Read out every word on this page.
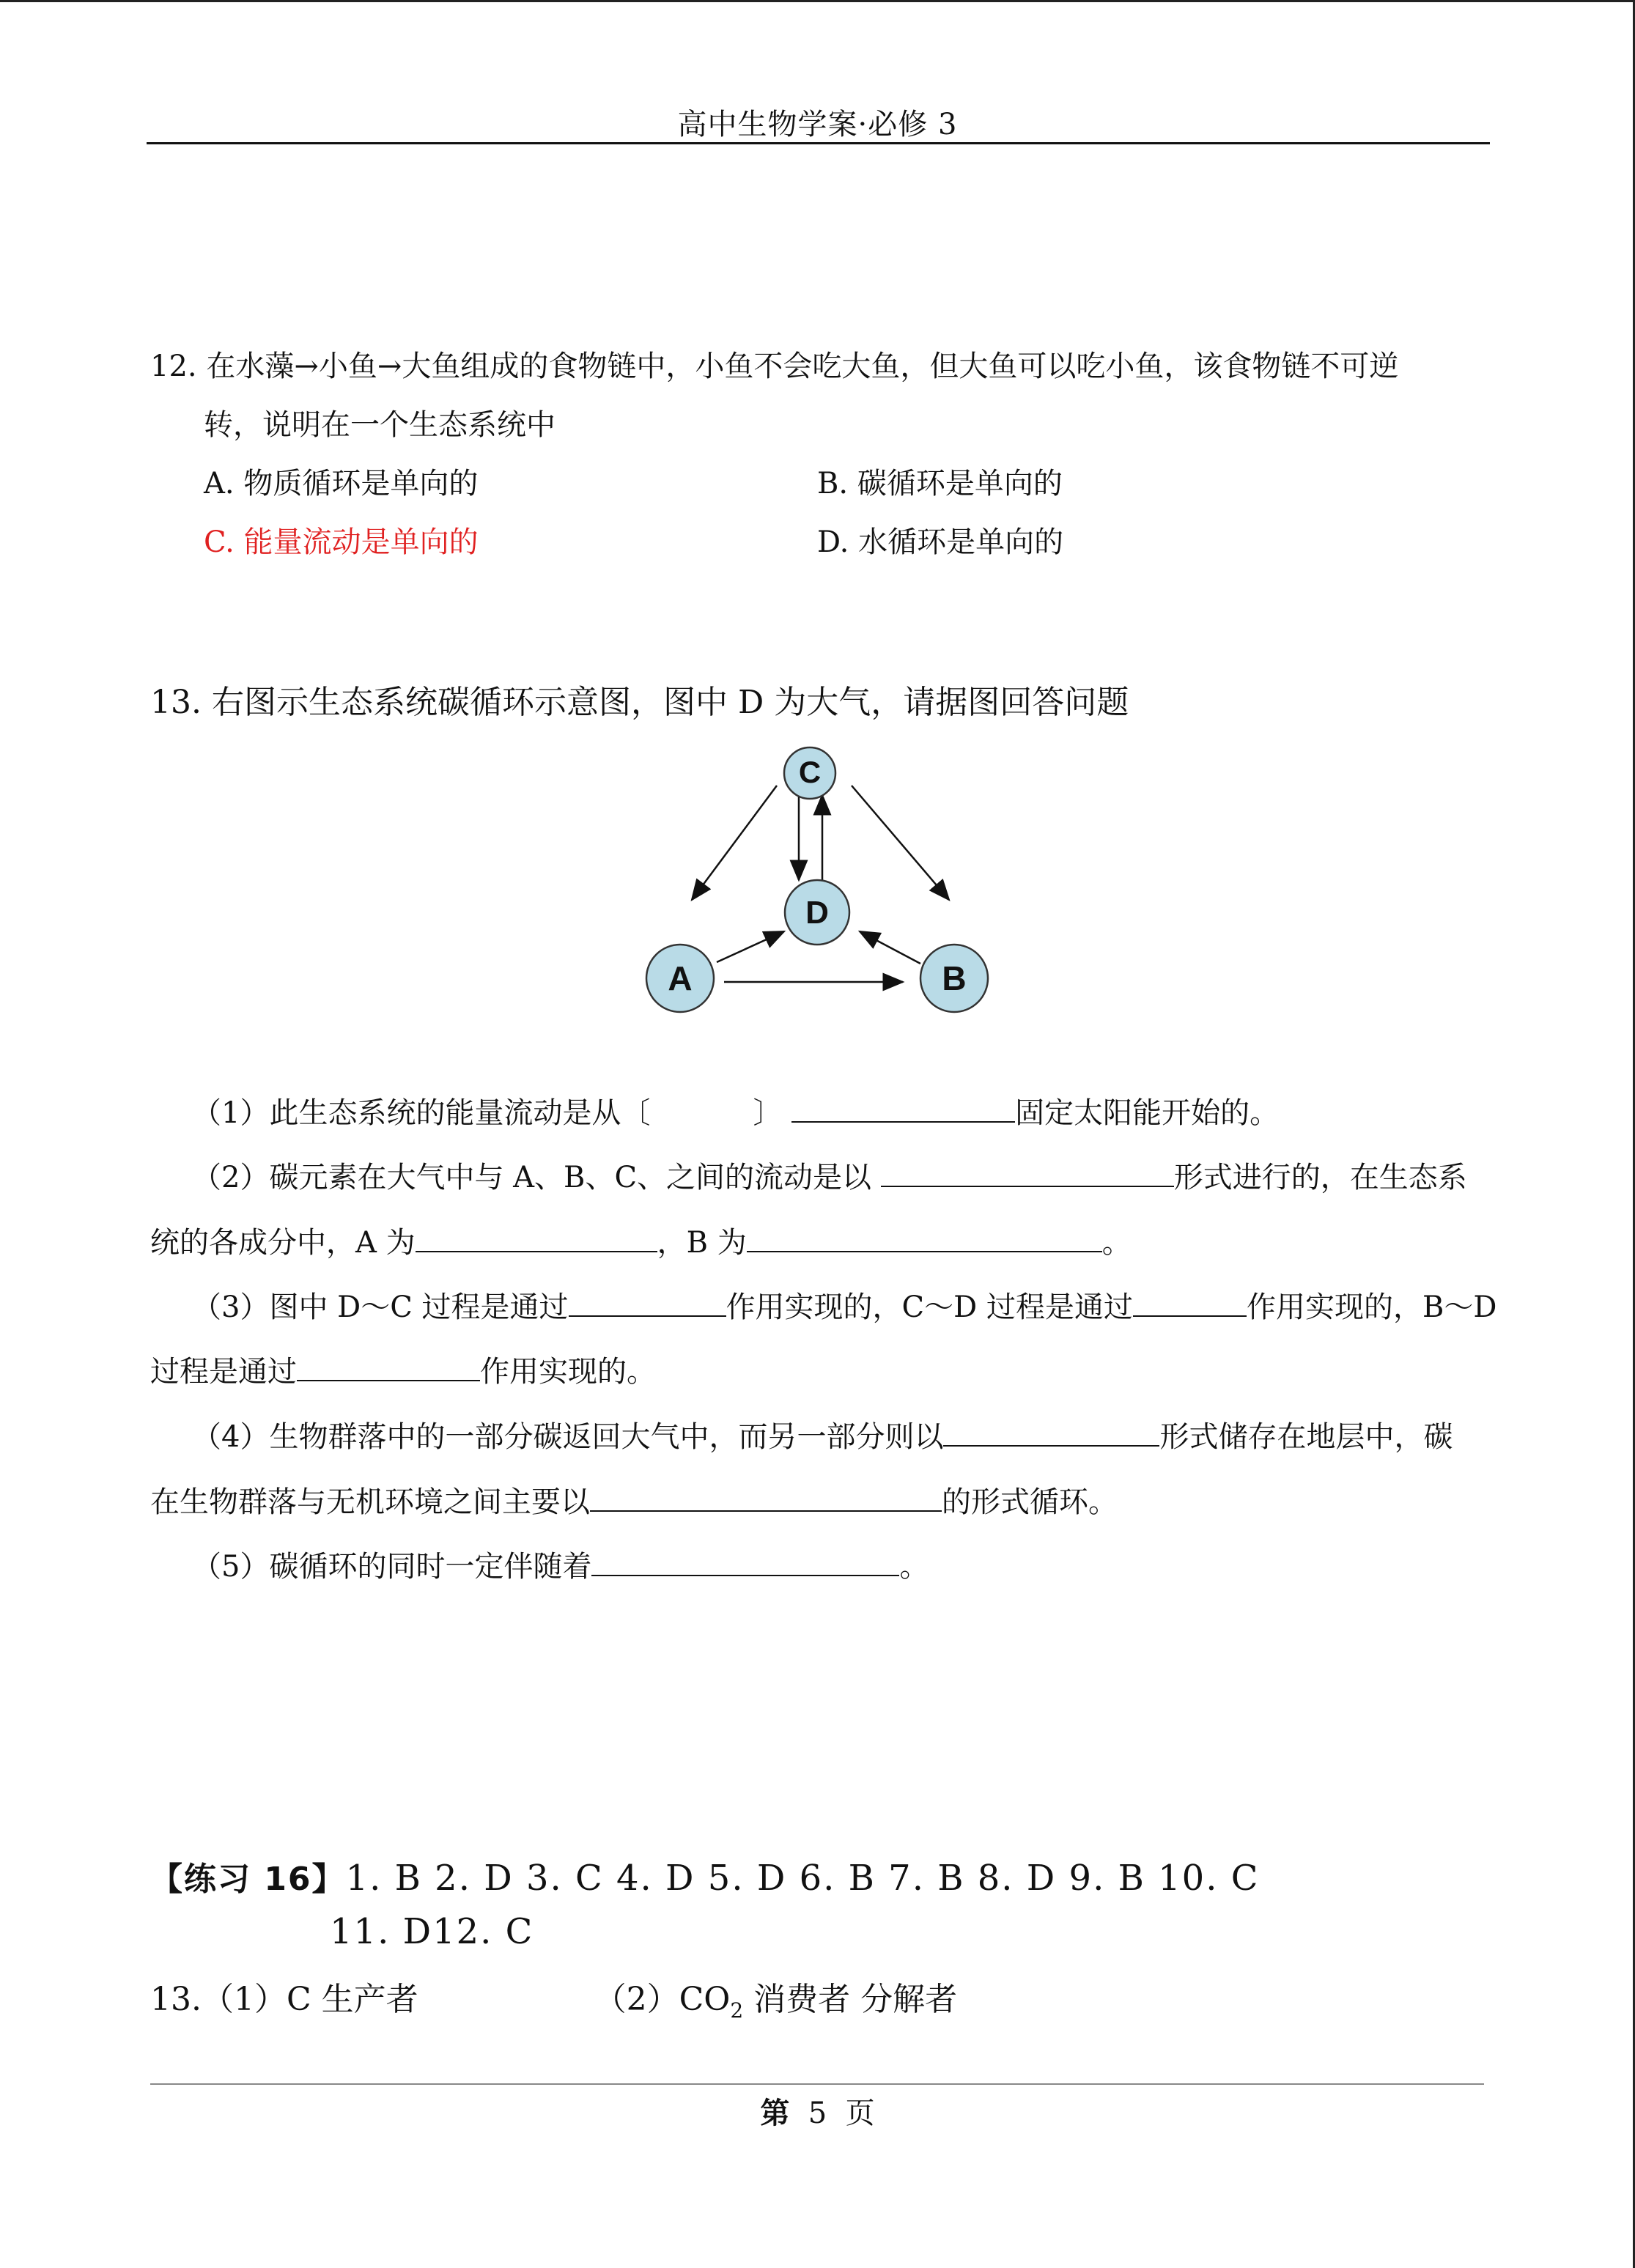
高中生物学案·必修 3
12. 在水藻→小鱼→大鱼组成的食物链中，小鱼不会吃大鱼，但大鱼可以吃小鱼，该食物链不可逆
转，说明在一个生态系统中
A. 物质循环是单向的	B. 碳循环是单向的
C. 能量流动是单向的	D. 水循环是单向的
13. 右图示生态系统碳循环示意图，图中 D 为大气，请据图回答问题
C
D
A	B
（1）此生态系统的能量流动是从〔	〕	固定太阳能开始的。
（2）碳元素在大气中与 A、B、C、之间的流动是以	形式进行的，在生态系
统的各成分中，A 为	，B 为	。
（3）图中 D～C 过程是通过	作用实现的，C～D 过程是通过	作用实现的，B～D
过程是通过	作用实现的。
（4）生物群落中的一部分碳返回大气中，而另一部分则以	形式储存在地层中，碳
在生物群落与无机环境之间主要以	的形式循环。
（5）碳循环的同时一定伴随着	。
【练习 16】1. B 2. D 3. C 4. D 5. D 6. B 7. B 8. D 9. B 10. C
11. D12. C
13.（1）C 生产者	$(2)CO_2$ 消费者 分解者
第 5 页
